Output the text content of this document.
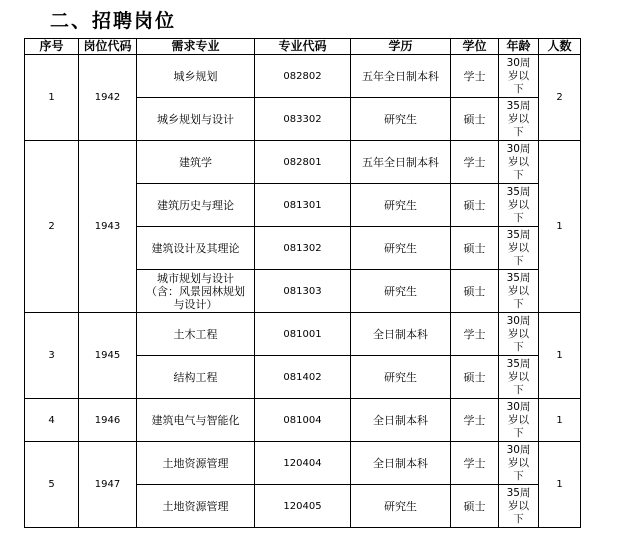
二、招聘岗位
序号	岗位代码	需求专业	专业代码	学历	学位	年龄	人数
1	1942	城乡规划	082802	五年全日制本科	学士	30周岁以下	2
		城乡规划与设计	083302	研究生	硕士	35周岁以下	
2	1943	建筑学	082801	五年全日制本科	学士	30周岁以下	1
		建筑历史与理论	081301	研究生	硕士	35周岁以下	
		建筑设计及其理论	081302	研究生	硕士	35周岁以下	
		城市规划与设计（含：风景园林规划与设计）	081303	研究生	硕士	35周岁以下	
3	1945	土木工程	081001	全日制本科	学士	30周岁以下	1
		结构工程	081402	研究生	硕士	35周岁以下	
4	1946	建筑电气与智能化	081004	全日制本科	学士	30周岁以下	1
5	1947	土地资源管理	120404	全日制本科	学士	30周岁以下	1
		土地资源管理	120405	研究生	硕士	35周岁以下	
